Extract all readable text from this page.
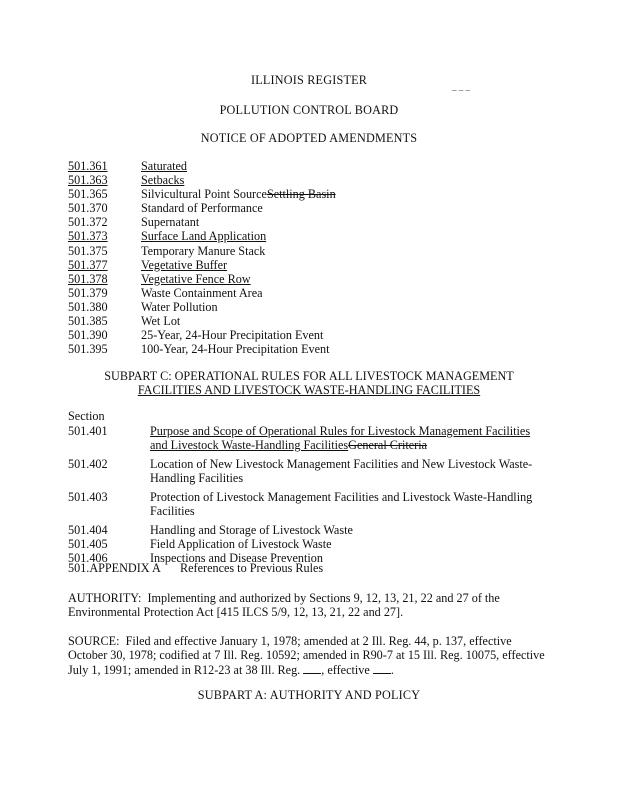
ILLINOIS REGISTER	_ _ _
POLLUTION CONTROL BOARD
NOTICE OF ADOPTED AMENDMENTS
501.361	Saturated
501.363	Setbacks
501.365	Silvicultural Point SourceSettling Basin
501.370	Standard of Performance
501.372	Supernatant
501.373	Surface Land Application
501.375	Temporary Manure Stack
501.377	Vegetative Buffer
501.378	Vegetative Fence Row
501.379	Waste Containment Area
501.380	Water Pollution
501.385	Wet Lot
501.390	25-Year, 24-Hour Precipitation Event
501.395	100-Year, 24-Hour Precipitation Event
SUBPART C: OPERATIONAL RULES FOR ALL LIVESTOCK MANAGEMENT
FACILITIES AND LIVESTOCK WASTE-HANDLING FACILITIES
Section
501.401	Purpose and Scope of Operational Rules for Livestock Management Facilities and Livestock Waste-Handling FacilitiesGeneral Criteria
501.402	Location of New Livestock Management Facilities and New Livestock Waste-Handling Facilities
501.403	Protection of Livestock Management Facilities and Livestock Waste-Handling Facilities
501.404	Handling and Storage of Livestock Waste
501.405	Field Application of Livestock Waste
501.406	Inspections and Disease Prevention
501.APPENDIX A References to Previous Rules
AUTHORITY: Implementing and authorized by Sections 9, 12, 13, 21, 22 and 27 of the Environmental Protection Act [415 ILCS 5/9, 12, 13, 21, 22 and 27].
SOURCE: Filed and effective January 1, 1978; amended at 2 Ill. Reg. 44, p. 137, effective October 30, 1978; codified at 7 Ill. Reg. 10592; amended in R90-7 at 15 Ill. Reg. 10075, effective July 1, 1991; amended in R12-23 at 38 Ill. Reg. , effective .
SUBPART A: AUTHORITY AND POLICY
